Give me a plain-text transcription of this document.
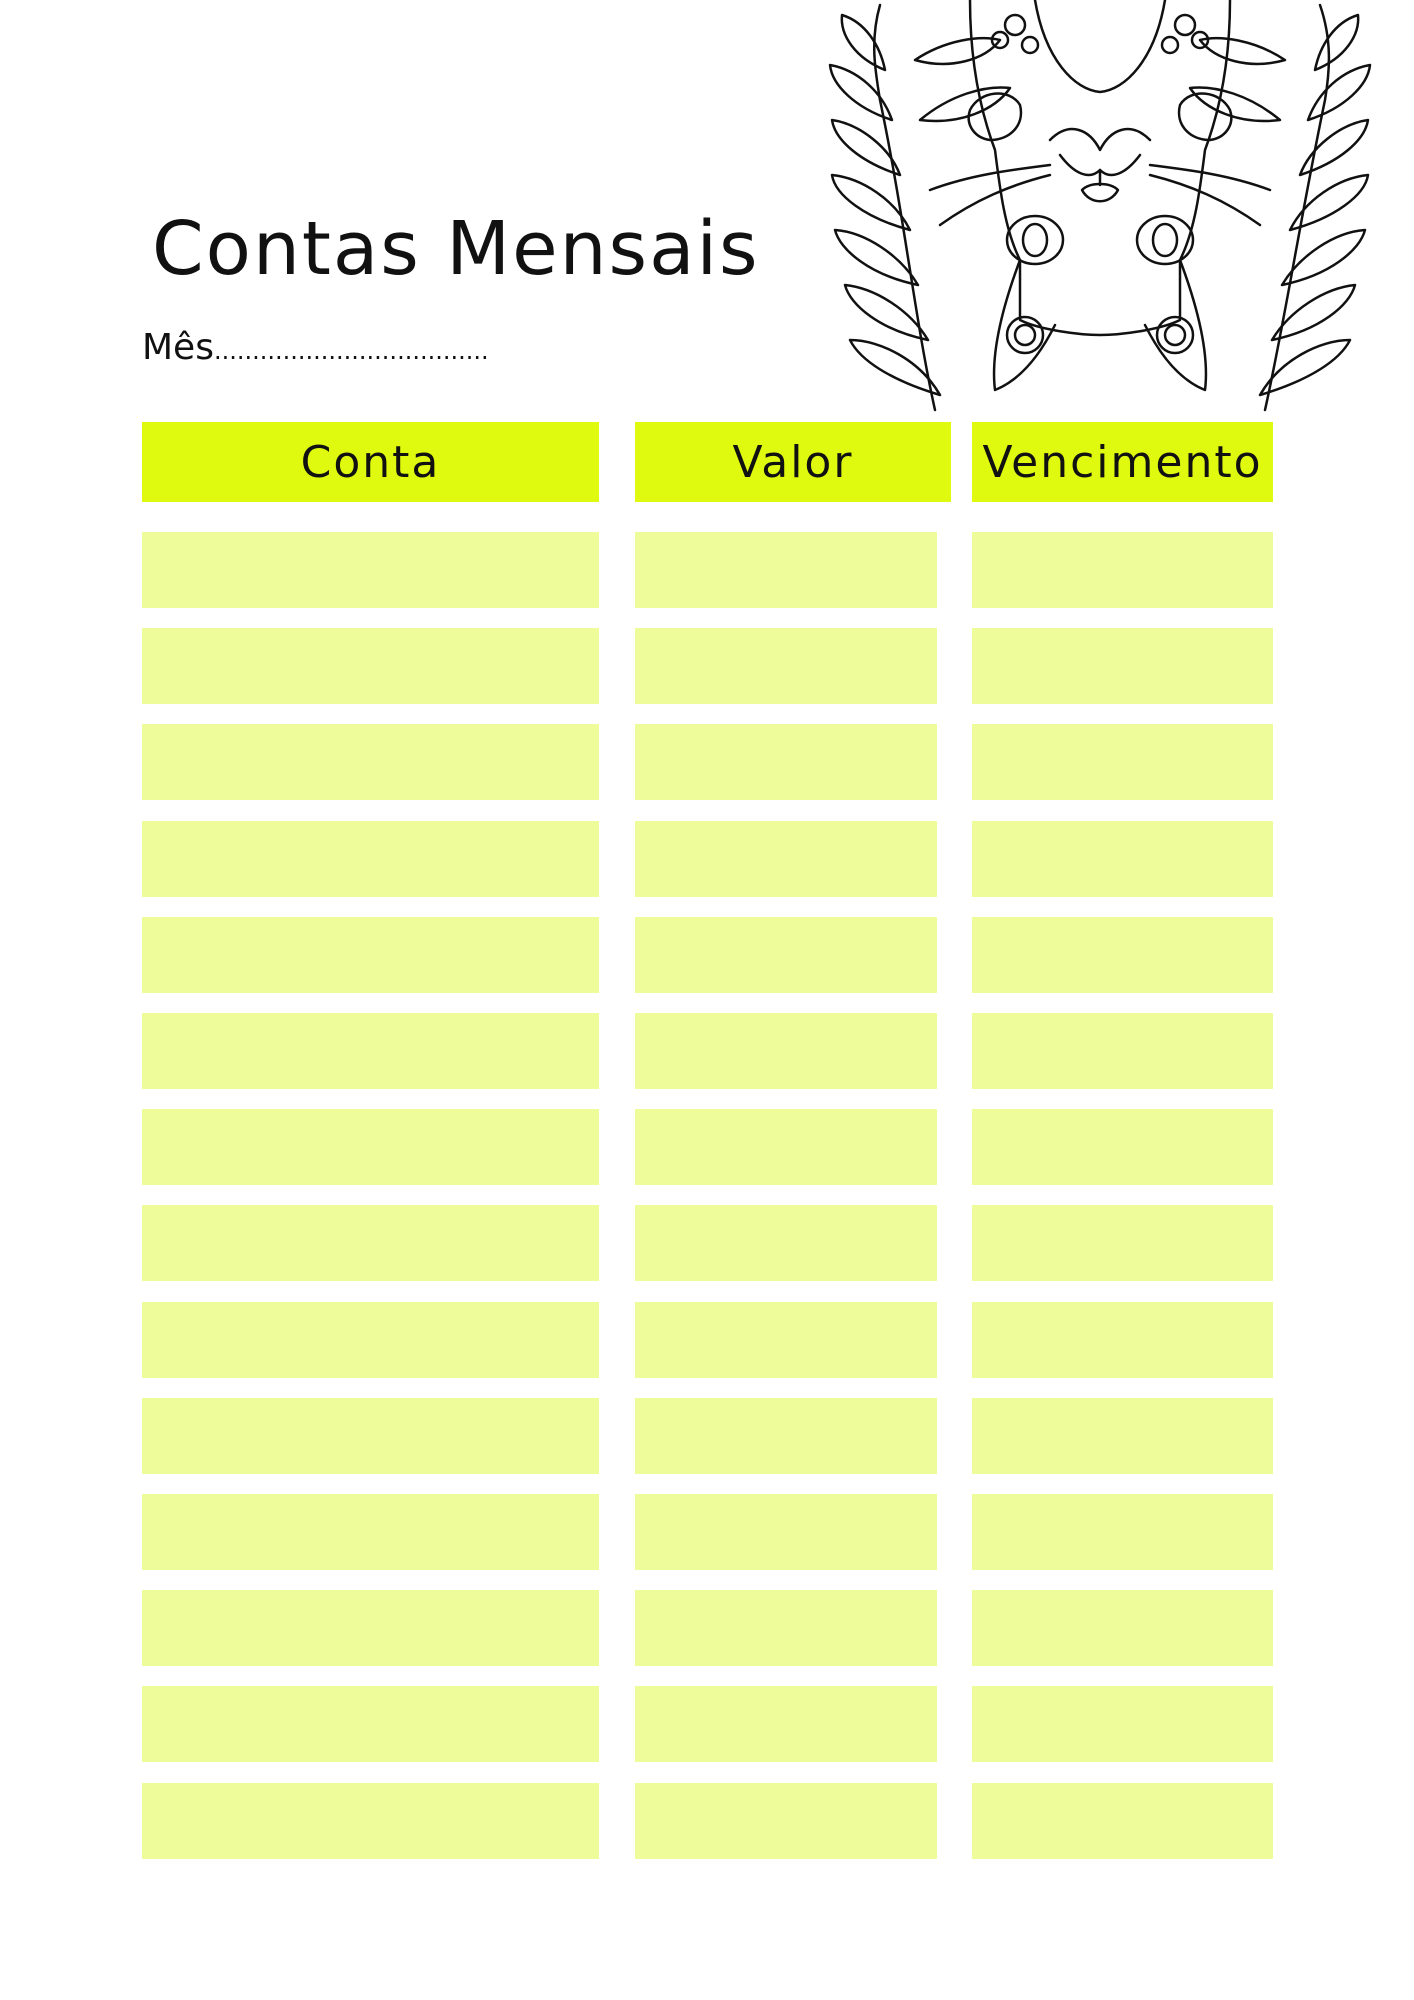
Contas Mensais
Mês....................................
Conta	Valor	Vencimento
